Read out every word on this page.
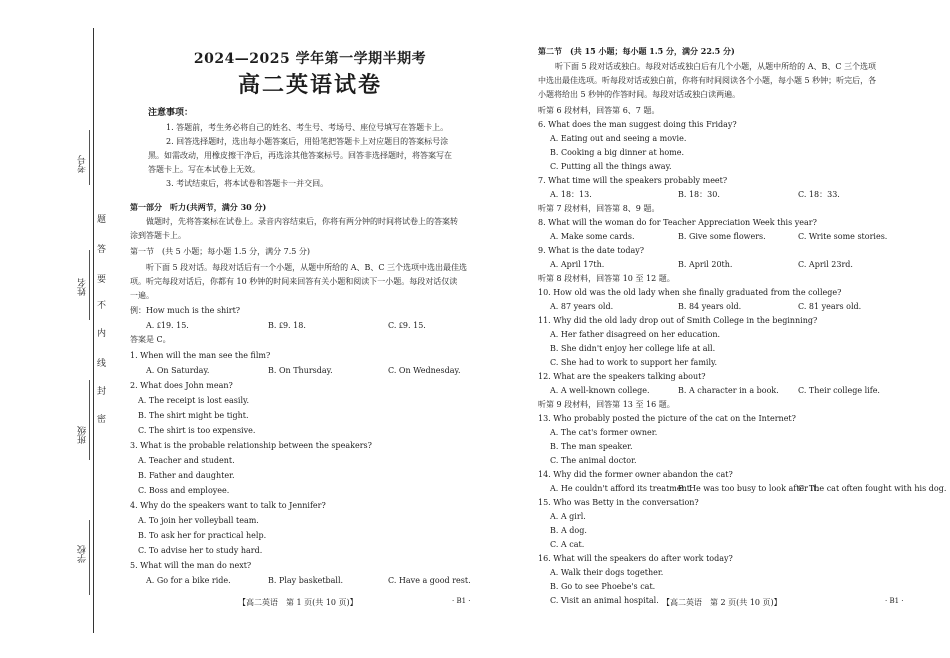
考号
姓名
班级
学校
题
答
要
不
内
线
封
密
2024—2025 学年第一学期半期考
高二英语试卷
注意事项：
1. 答题前，考生务必将自己的姓名、考生号、考场号、座位号填写在答题卡上。
2. 回答选择题时，选出每小题答案后，用铅笔把答题卡上对应题目的答案标号涂
黑。如需改动，用橡皮擦干净后，再选涂其他答案标号。回答非选择题时，将答案写在
答题卡上。写在本试卷上无效。
3. 考试结束后，将本试卷和答题卡一并交回。
第一部分　听力(共两节，满分 30 分)
做题时，先将答案标在试卷上。录音内容结束后，你将有两分钟的时间将试卷上的答案转
涂到答题卡上。
第一节　(共 5 小题；每小题 1.5 分，满分 7.5 分)
听下面 5 段对话。每段对话后有一个小题，从题中所给的 A、B、C 三个选项中选出最佳选
项。听完每段对话后，你都有 10 秒钟的时间来回答有关小题和阅读下一小题。每段对话仅读
一遍。
例：How much is the shirt?
A. ₤19. 15.	B. ₤9. 18.	C. ₤9. 15.
答案是 C。
1. When will the man see the film?
A. On Saturday.	B. On Thursday.	C. On Wednesday.
2. What does John mean?
A. The receipt is lost easily.
B. The shirt might be tight.
C. The shirt is too expensive.
3. What is the probable relationship between the speakers?
A. Teacher and student.
B. Father and daughter.
C. Boss and employee.
4. Why do the speakers want to talk to Jennifer?
A. To join her volleyball team.
B. To ask her for practical help.
C. To advise her to study hard.
5. What will the man do next?
A. Go for a bike ride.	B. Play basketball.	C. Have a good rest.
【高二英语　第 1 页(共 10 页)】	· B1 ·
第二节　(共 15 小题；每小题 1.5 分，满分 22.5 分)
听下面 5 段对话或独白。每段对话或独白后有几个小题，从题中所给的 A、B、C 三个选项
中选出最佳选项。听每段对话或独白前，你将有时间阅读各个小题，每小题 5 秒钟；听完后，各
小题将给出 5 秒钟的作答时间。每段对话或独白读两遍。
听第 6 段材料，回答第 6、7 题。
6. What does the man suggest doing this Friday?
A. Eating out and seeing a movie.
B. Cooking a big dinner at home.
C. Putting all the things away.
7. What time will the speakers probably meet?
A. 18：13.	B. 18：30.	C. 18：33.
听第 7 段材料，回答第 8、9 题。
8. What will the woman do for Teacher Appreciation Week this year?
A. Make some cards.	B. Give some flowers.	C. Write some stories.
9. What is the date today?
A. April 17th.	B. April 20th.	C. April 23rd.
听第 8 段材料，回答第 10 至 12 题。
10. How old was the old lady when she finally graduated from the college?
A. 87 years old.	B. 84 years old.	C. 81 years old.
11. Why did the old lady drop out of Smith College in the beginning?
A. Her father disagreed on her education.
B. She didn't enjoy her college life at all.
C. She had to work to support her family.
12. What are the speakers talking about?
A. A well-known college.	B. A character in a book. C. Their college life.
听第 9 段材料，回答第 13 至 16 题。
13. Who probably posted the picture of the cat on the Internet?
A. The cat's former owner.
B. The man speaker.
C. The animal doctor.
14. Why did the former owner abandon the cat?
A. He couldn't afford its treatment.
B. He was too busy to look after it.
C. The cat often fought with his dog.
15. Who was Betty in the conversation?
A. A girl.
B. A dog.
C. A cat.
16. What will the speakers do after work today?
A. Walk their dogs together.
B. Go to see Phoebe's cat.
C. Visit an animal hospital. 【高二英语　第 2 页(共 10 页)】	· B1 ·
